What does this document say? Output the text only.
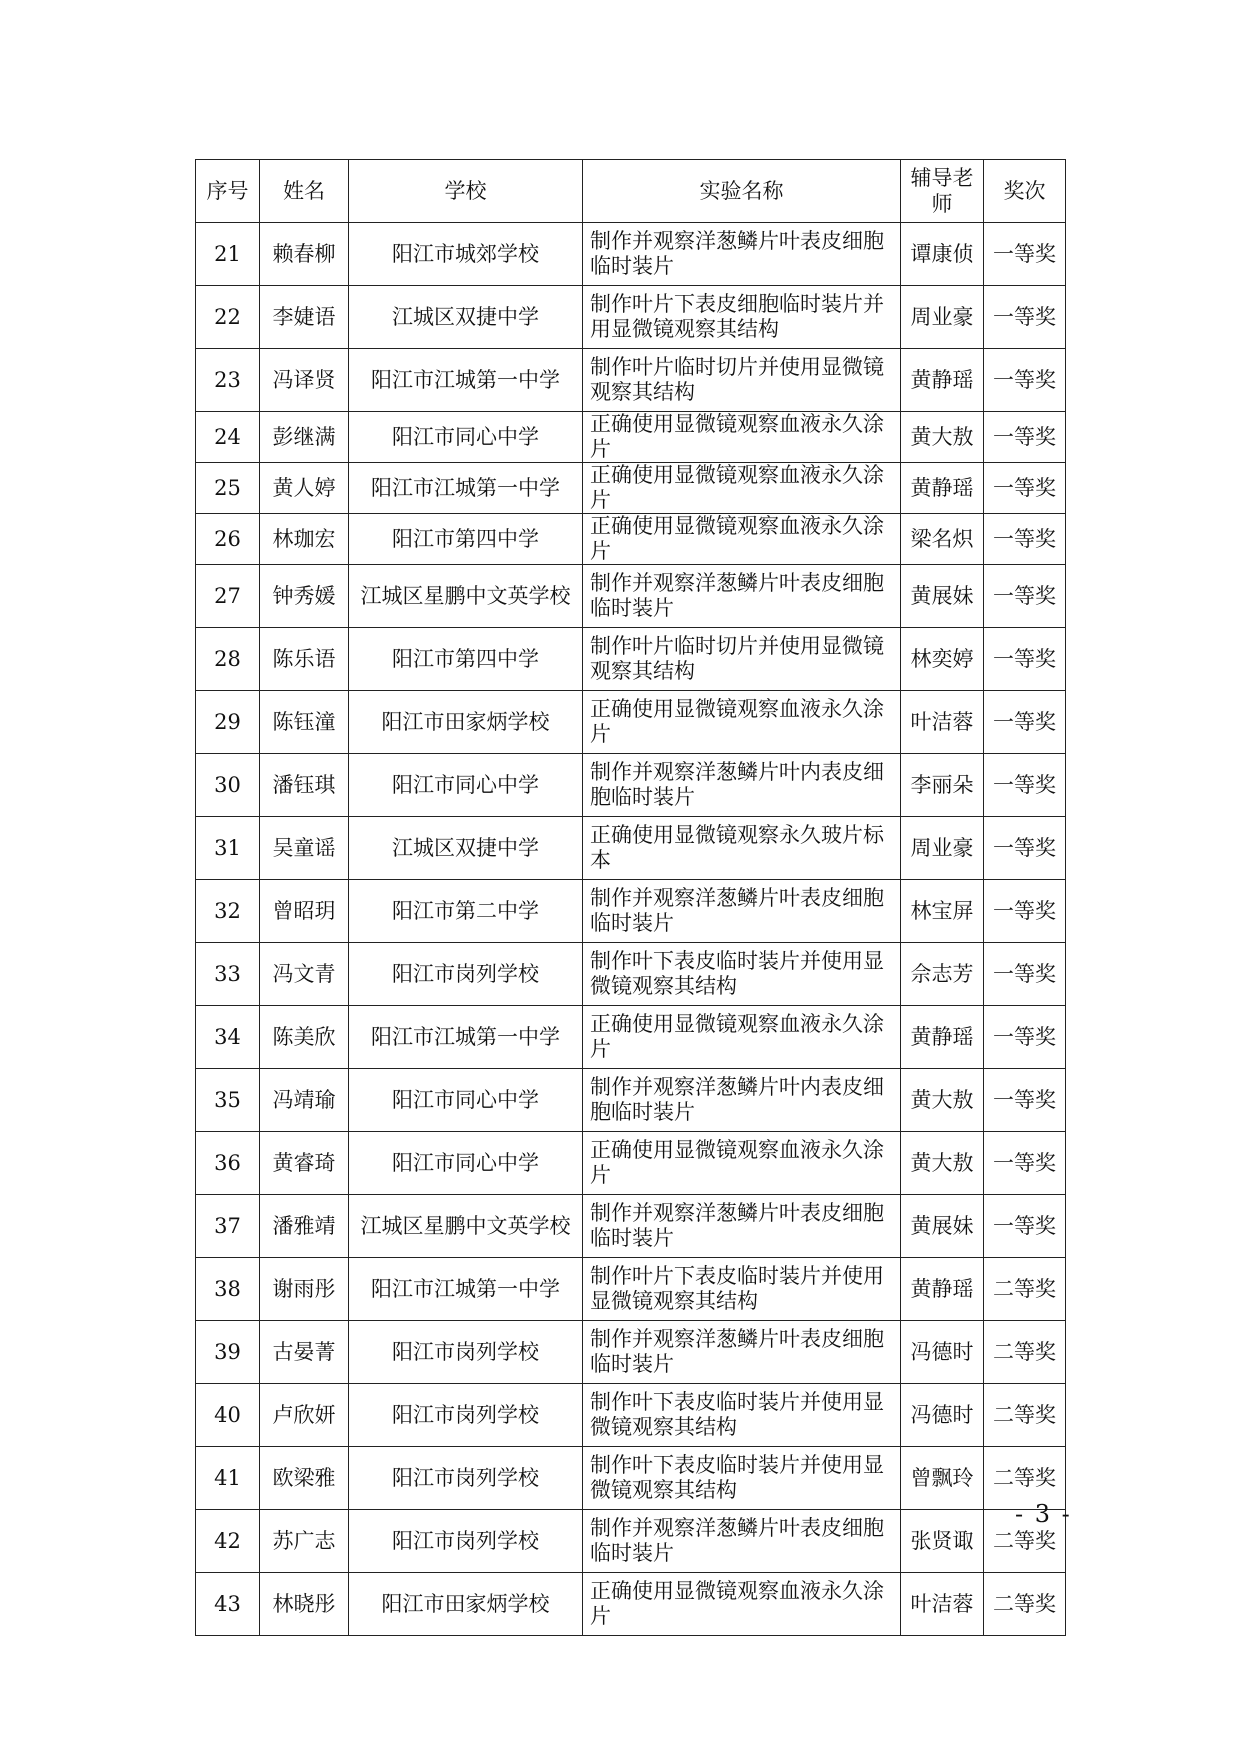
序号	姓名	学校	实验名称	辅导老师	奖次
21	赖春柳	阳江市城郊学校	制作并观察洋葱鳞片叶表皮细胞临时装片	谭康侦	一等奖
22	李婕语	江城区双捷中学	制作叶片下表皮细胞临时装片并用显微镜观察其结构	周业豪	一等奖
23	冯译贤	阳江市江城第一中学	制作叶片临时切片并使用显微镜观察其结构	黄静瑶	一等奖
24	彭继满	阳江市同心中学	正确使用显微镜观察血液永久涂片	黄大敖	一等奖
25	黄人婷	阳江市江城第一中学	正确使用显微镜观察血液永久涂片	黄静瑶	一等奖
26	林珈宏	阳江市第四中学	正确使用显微镜观察血液永久涂片	梁名炽	一等奖
27	钟秀媛	江城区星鹏中文英学校	制作并观察洋葱鳞片叶表皮细胞临时装片	黄展妹	一等奖
28	陈乐语	阳江市第四中学	制作叶片临时切片并使用显微镜观察其结构	林奕婷	一等奖
29	陈钰潼	阳江市田家炳学校	正确使用显微镜观察血液永久涂片	叶洁蓉	一等奖
30	潘钰琪	阳江市同心中学	制作并观察洋葱鳞片叶内表皮细胞临时装片	李丽朵	一等奖
31	吴童谣	江城区双捷中学	正确使用显微镜观察永久玻片标本	周业豪	一等奖
32	曾昭玥	阳江市第二中学	制作并观察洋葱鳞片叶表皮细胞临时装片	林宝屏	一等奖
33	冯文青	阳江市岗列学校	制作叶下表皮临时装片并使用显微镜观察其结构	佘志芳	一等奖
34	陈美欣	阳江市江城第一中学	正确使用显微镜观察血液永久涂片	黄静瑶	一等奖
35	冯靖瑜	阳江市同心中学	制作并观察洋葱鳞片叶内表皮细胞临时装片	黄大敖	一等奖
36	黄睿琦	阳江市同心中学	正确使用显微镜观察血液永久涂片	黄大敖	一等奖
37	潘雅靖	江城区星鹏中文英学校	制作并观察洋葱鳞片叶表皮细胞临时装片	黄展妹	一等奖
38	谢雨彤	阳江市江城第一中学	制作叶片下表皮临时装片并使用显微镜观察其结构	黄静瑶	二等奖
39	古晏菁	阳江市岗列学校	制作并观察洋葱鳞片叶表皮细胞临时装片	冯德时	二等奖
40	卢欣妍	阳江市岗列学校	制作叶下表皮临时装片并使用显微镜观察其结构	冯德时	二等奖
41	欧梁雅	阳江市岗列学校	制作叶下表皮临时装片并使用显微镜观察其结构	曾飘玲	二等奖
42	苏广志	阳江市岗列学校	制作并观察洋葱鳞片叶表皮细胞临时装片	张贤诹	二等奖
43	林晓彤	阳江市田家炳学校	正确使用显微镜观察血液永久涂片	叶洁蓉	二等奖
- 3 -
